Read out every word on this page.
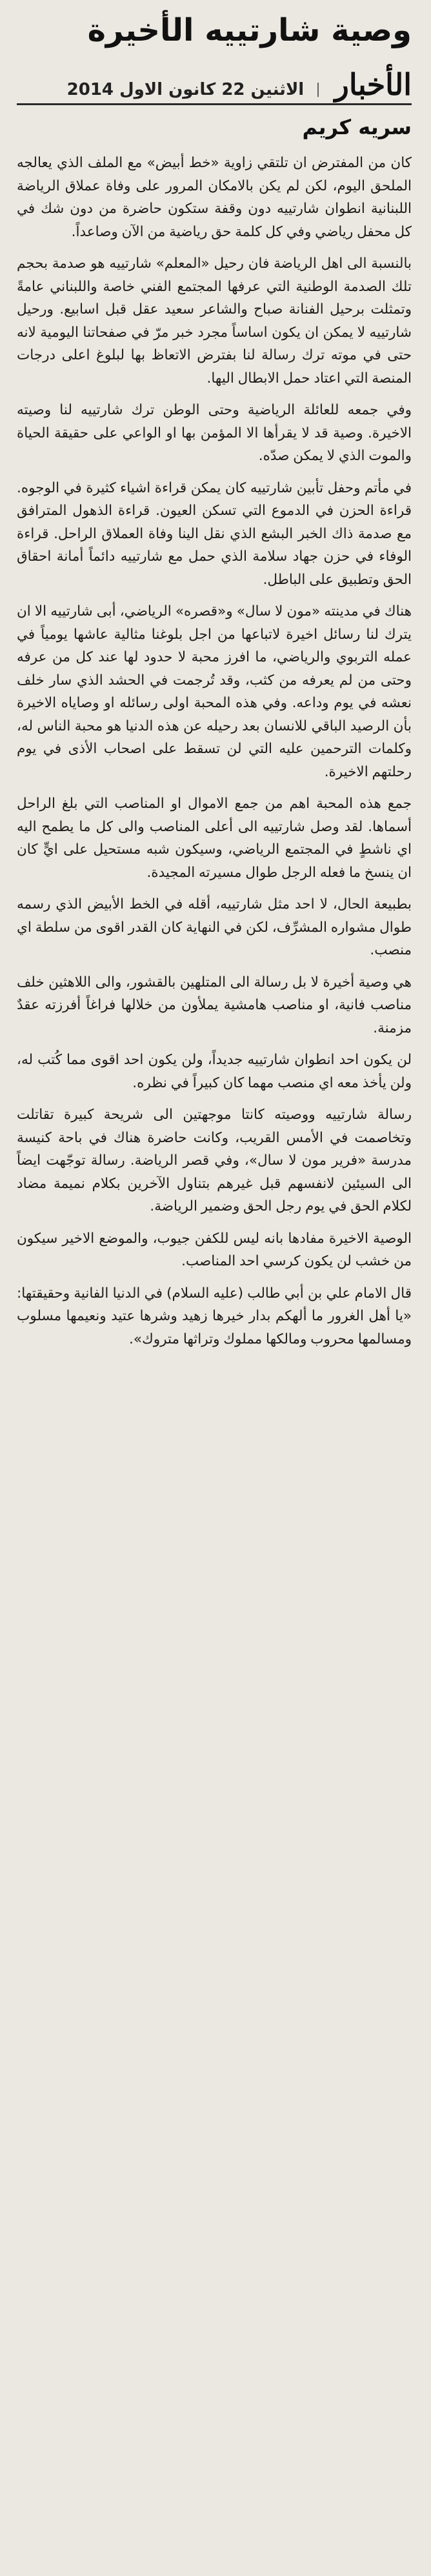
وصية شارتييه الأخيرة
الأخبار
|
الاثنين 22 كانون الاول 2014
سريه كريم

كان من المفترض ان تلتقي زاوية «خط أبيض» مع الملف الذي يعالجه الملحق اليوم، لكن لم يكن بالامكان المرور على وفاة عملاق الرياضة اللبنانية انطوان شارتييه دون وقفة ستكون حاضرة من دون شك في كل محفل رياضي وفي كل كلمة حق رياضية من الآن وصاعداً.

بالنسبة الى اهل الرياضة فان رحيل «المعلم» شارتييه هو صدمة بحجم تلك الصدمة الوطنية التي عرفها المجتمع الفني خاصة واللبناني عامةً وتمثلت برحيل الفنانة صباح والشاعر سعيد عقل قبل اسابيع. ورحيل شارتييه لا يمكن ان يكون اساساً مجرد خبر مرّ في صفحاتنا اليومية لانه حتى في موته ترك رسالة لنا بفترض الاتعاظ بها لبلوغ اعلى درجات المنصة التي اعتاد حمل الابطال اليها.

وفي جمعه للعائلة الرياضية وحتى الوطن ترك شارتييه لنا وصيته الاخيرة. وصية قد لا يقرأها الا المؤمن بها او الواعي على حقيقة الحياة والموت الذي لا يمكن صدّه.

في مأتم وحفل تأبين شارتييه كان يمكن قراءة اشياء كثيرة في الوجوه. قراءة الحزن في الدموع التي تسكن العيون. قراءة الذهول المترافق مع صدمة ذاك الخبر البشع الذي نقل الينا وفاة العملاق الراحل. قراءة الوفاء في حزن جهاد سلامة الذي حمل مع شارتييه دائماً أمانة احقاق الحق وتطبيق على الباطل.

هناك في مدينته «مون لا سال» و«قصره» الرياضي، أبى شارتييه الا ان يترك لنا رسائل اخيرة لاتباعها من اجل بلوغنا مثالية عاشها يومياً في عمله التربوي والرياضي، ما افرز محبة لا حدود لها عند كل من عرفه وحتى من لم يعرفه من كثب، وقد تُرجمت في الحشد الذي سار خلف نعشه في يوم وداعه. وفي هذه المحبة اولى رسائله او وصاياه الاخيرة بأن الرصيد الباقي للانسان بعد رحيله عن هذه الدنيا هو محبة الناس له، وكلمات الترحمين عليه التي لن تسقط على اصحاب الأذى في يوم رحلتهم الاخيرة.

جمع هذه المحبة اهم من جمع الاموال او المناصب التي بلغ الراحل أسماها. لقد وصل شارتييه الى أعلى المناصب والى كل ما يطمح اليه اي ناشطٍ في المجتمع الرياضي، وسيكون شبه مستحيل على ايٍّ كان ان ينسخ ما فعله الرجل طوال مسيرته المجيدة.

بطبيعة الحال، لا احد مثل شارتييه، أقله في الخط الأبيض الذي رسمه طوال مشواره المشرِّف، لكن في النهاية كان القدر اقوى من سلطة اي منصب.

هي وصية أخيرة لا بل رسالة الى المتلهين بالقشور، والى اللاهثين خلف مناصب فانية، او مناصب هامشية يملأون من خلالها فراغاً أفرزته عقدٌ مزمنة.

لن يكون احد انطوان شارتييه جديداً، ولن يكون احد اقوى مما كُتب له، ولن يأخذ معه اي منصب مهما كان كبيراً في نظره.

رسالة شارتييه ووصيته كانتا موجهتين الى شريحة كبيرة تقاتلت وتخاصمت في الأمس القريب، وكانت حاضرة هناك في باحة كنيسة مدرسة «فرير مون لا سال»، وفي قصر الرياضة. رسالة توجّهت ايضاً الى السيئين لانفسهم قبل غيرهم بتناول الآخرين بكلام نميمة مضاد لكلام الحق في يوم رجل الحق وضمير الرياضة.

الوصية الاخيرة مفادها بانه ليس للكفن جيوب، والموضع الاخير سيكون من خشب لن يكون كرسي احد المناصب.

قال الامام علي بن أبي طالب (عليه السلام) في الدنيا الفانية وحقيقتها: «يا أهل الغرور ما ألهكم بدار خيرها زهيد وشرها عتيد ونعيمها مسلوب ومسالمها محروب ومالكها مملوك وتراثها متروك».
